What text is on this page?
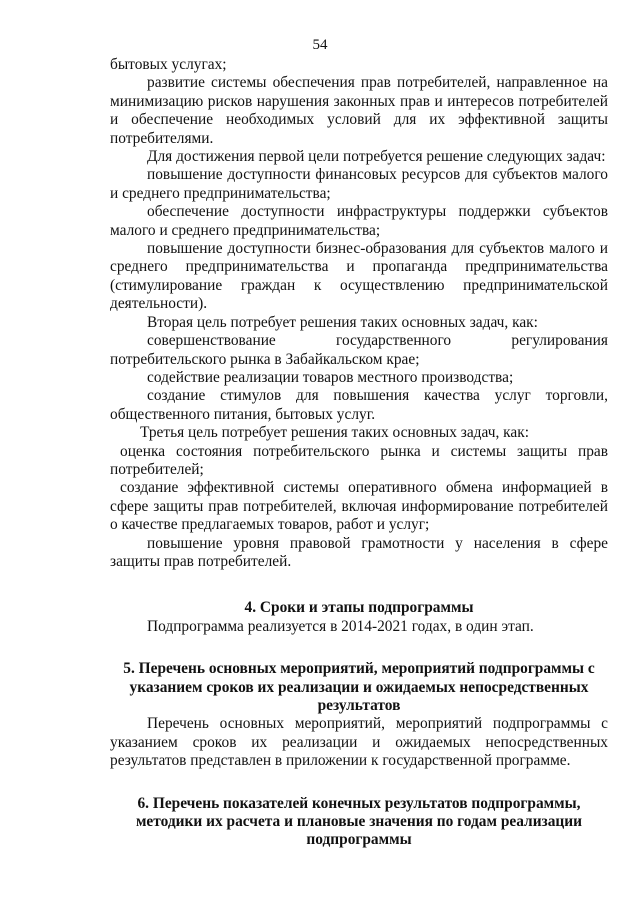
54

бытовых услугах;

развитие системы обеспечения прав потребителей, направленное на минимизацию рисков нарушения законных прав и интересов потребителей и обеспечение необходимых условий для их эффективной защиты потребителями.

Для достижения первой цели потребуется решение следующих задач:

повышение доступности финансовых ресурсов для субъектов малого и среднего предпринимательства;

обеспечение доступности инфраструктуры поддержки субъектов малого и среднего предпринимательства;

повышение доступности бизнес-образования для субъектов малого и среднего предпринимательства и пропаганда предпринимательства (стимулирование граждан к осуществлению предпринимательской деятельности).

Вторая цель потребует решения таких основных задач, как:

совершенствование государственного регулирования потребительского рынка в Забайкальском крае;

содействие реализации товаров местного производства;

создание стимулов для повышения качества услуг торговли, общественного питания, бытовых услуг.

Третья цель потребует решения таких основных задач, как:

оценка состояния потребительского рынка и системы защиты прав потребителей;

создание эффективной системы оперативного обмена информацией в сфере защиты прав потребителей, включая информирование потребителей о качестве предлагаемых товаров, работ и услуг;

повышение уровня правовой грамотности у населения в сфере защиты прав потребителей.

4. Сроки и этапы подпрограммы

Подпрограмма реализуется в 2014-2021 годах, в один этап.

5. Перечень основных мероприятий, мероприятий подпрограммы с указанием сроков их реализации и ожидаемых непосредственных результатов

Перечень основных мероприятий, мероприятий подпрограммы с указанием сроков их реализации и ожидаемых непосредственных результатов представлен в приложении к государственной программе.

6. Перечень показателей конечных результатов подпрограммы, методики их расчета и плановые значения по годам реализации подпрограммы
